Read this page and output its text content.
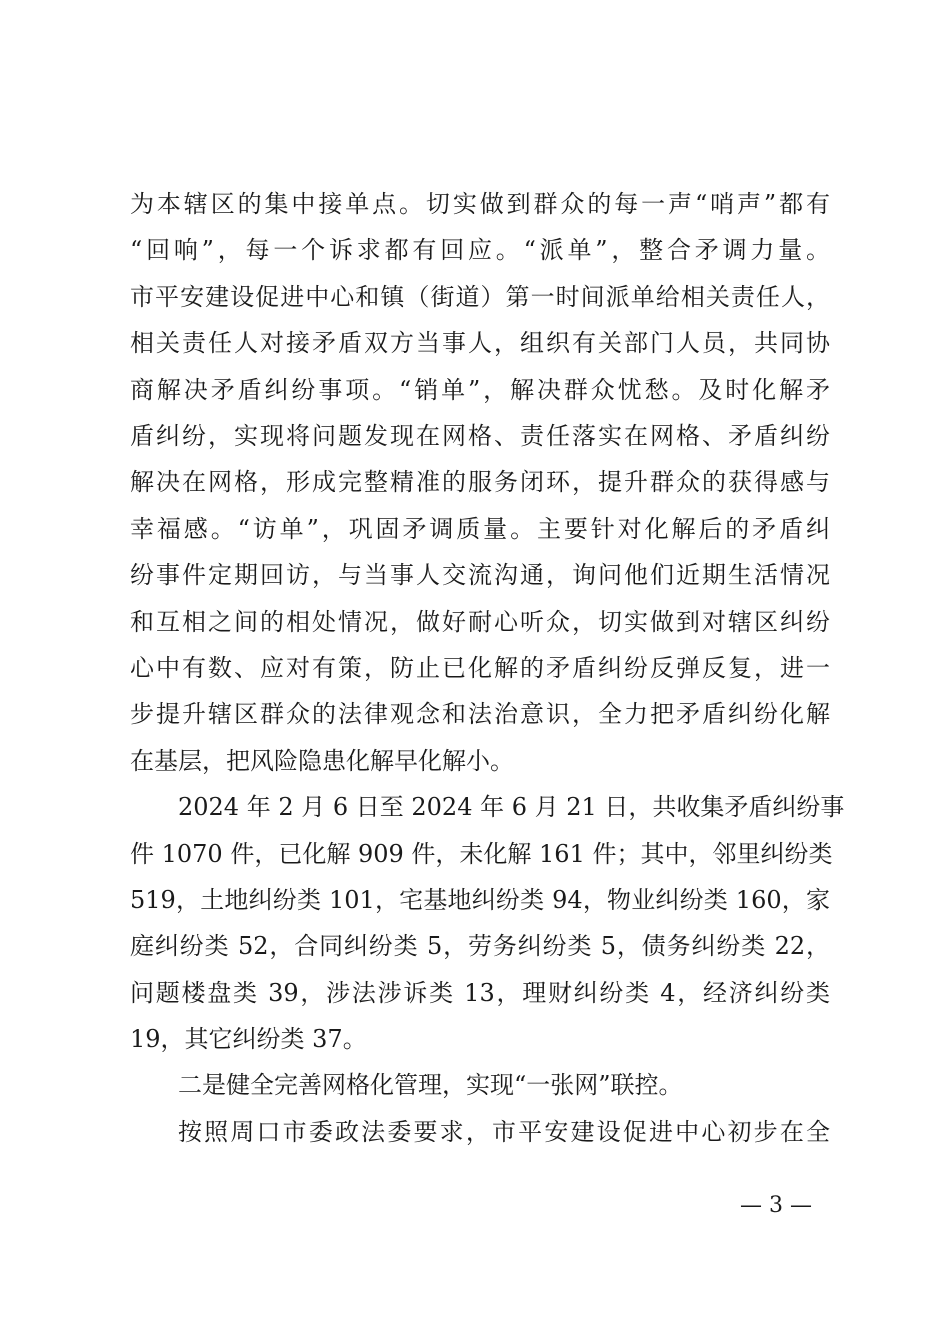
为本辖区的集中接单点。切实做到群众的每一声“哨声”都有
“回响”，每一个诉求都有回应。“派单”，整合矛调力量。
市平安建设促进中心和镇（街道）第一时间派单给相关责任人，
相关责任人对接矛盾双方当事人，组织有关部门人员，共同协
商解决矛盾纠纷事项。“销单”，解决群众忧愁。及时化解矛
盾纠纷，实现将问题发现在网格、责任落实在网格、矛盾纠纷
解决在网格，形成完整精准的服务闭环，提升群众的获得感与
幸福感。“访单”，巩固矛调质量。主要针对化解后的矛盾纠
纷事件定期回访，与当事人交流沟通，询问他们近期生活情况
和互相之间的相处情况，做好耐心听众，切实做到对辖区纠纷
心中有数、应对有策，防止已化解的矛盾纠纷反弹反复，进一
步提升辖区群众的法律观念和法治意识，全力把矛盾纠纷化解
在基层，把风险隐患化解早化解小。
2024 年 2 月 6 日至 2024 年 6 月 21 日，共收集矛盾纠纷事
件 1070 件，已化解 909 件，未化解 161 件；其中，邻里纠纷类
519，土地纠纷类 101，宅基地纠纷类 94，物业纠纷类 160，家
庭纠纷类 52，合同纠纷类 5，劳务纠纷类 5，债务纠纷类 22，
问题楼盘类 39，涉法涉诉类 13，理财纠纷类 4，经济纠纷类
19，其它纠纷类 37。
二是健全完善网格化管理，实现“一张网”联控。
按照周口市委政法委要求，市平安建设促进中心初步在全
— 3 —
